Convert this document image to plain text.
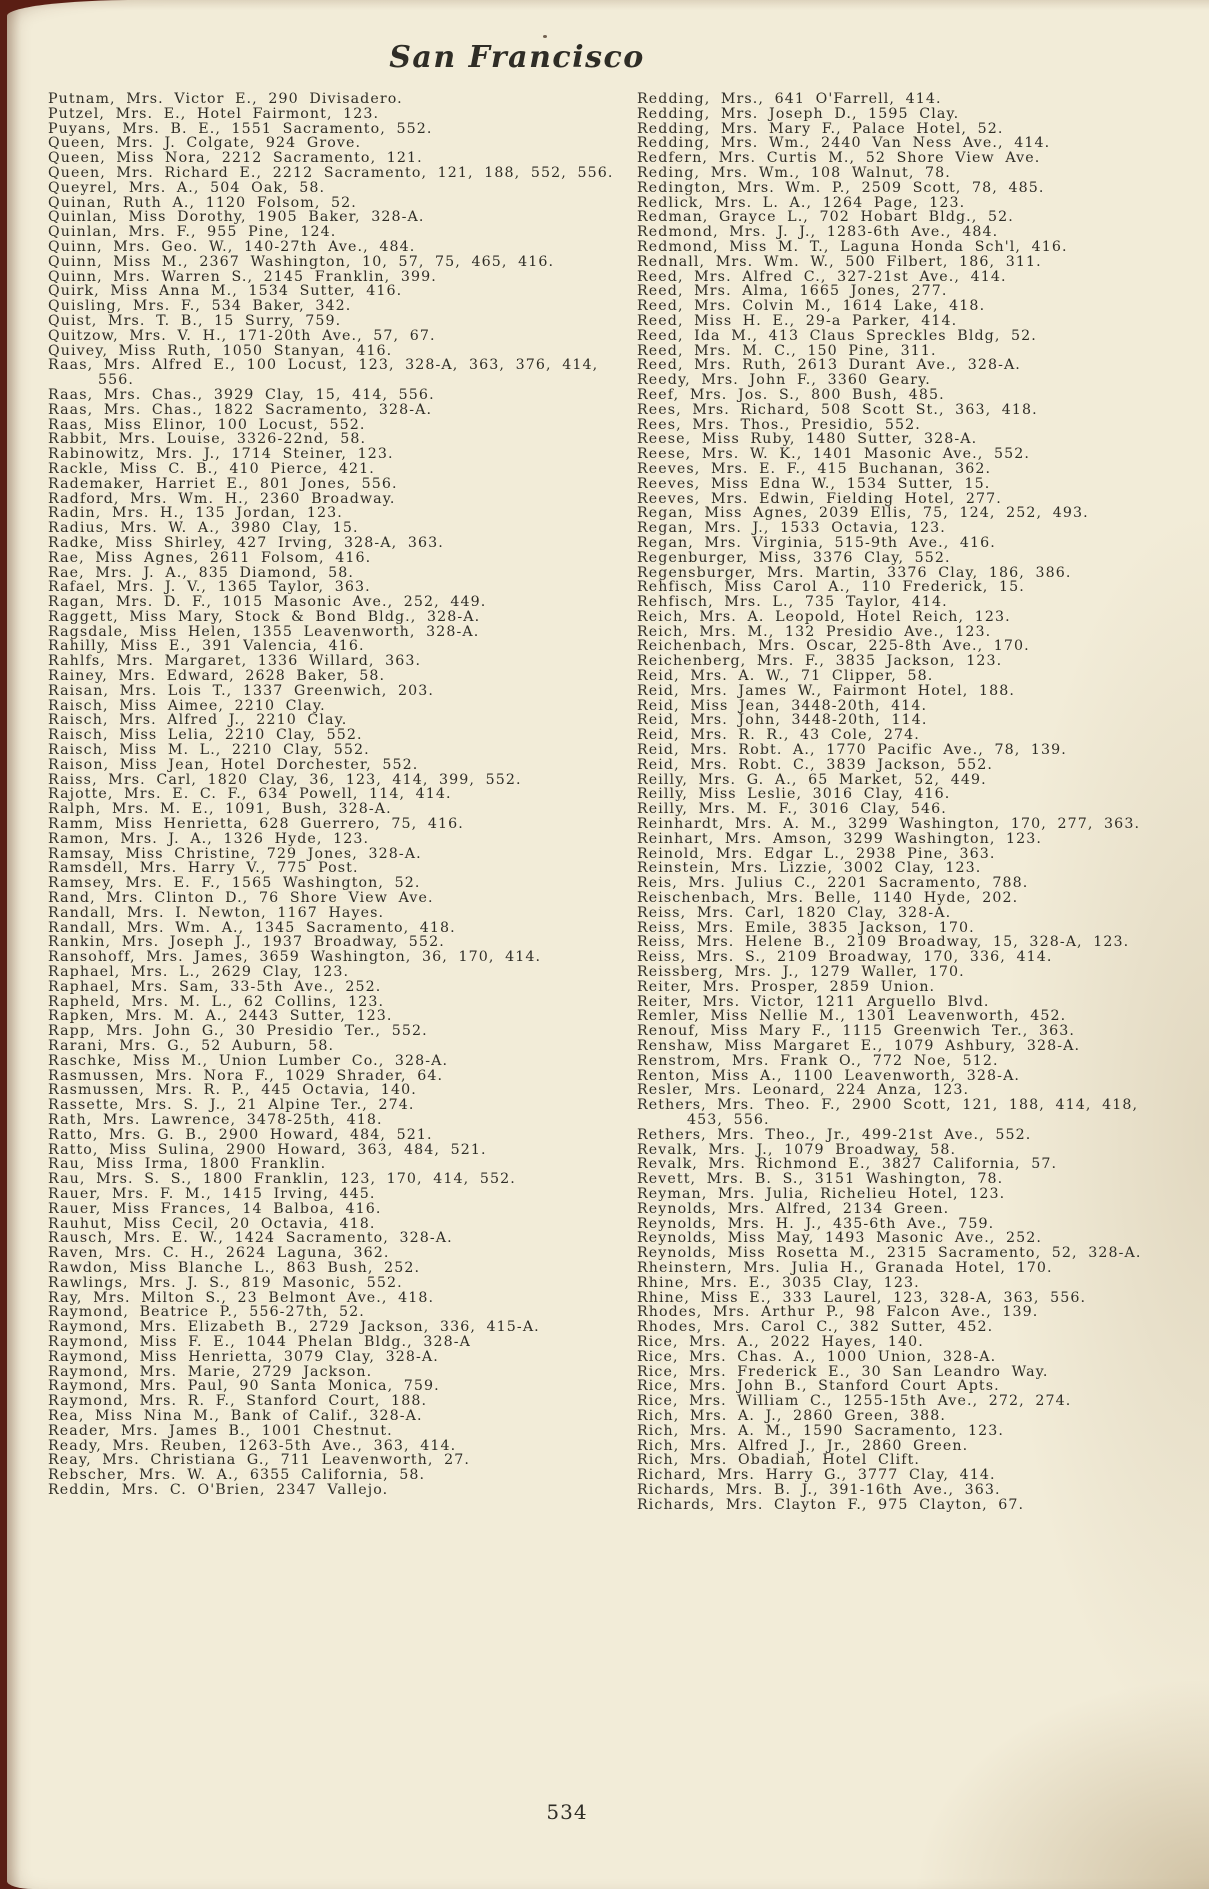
San Francisco
Putnam, Mrs. Victor E., 290 Divisadero.
Putzel, Mrs. E., Hotel Fairmont, 123.
Puyans, Mrs. B. E., 1551 Sacramento, 552.
Queen, Mrs. J. Colgate, 924 Grove.
Queen, Miss Nora, 2212 Sacramento, 121.
Queen, Mrs. Richard E., 2212 Sacramento, 121, 188, 552, 556.
Queyrel, Mrs. A., 504 Oak, 58.
Quinan, Ruth A., 1120 Folsom, 52.
Quinlan, Miss Dorothy, 1905 Baker, 328-A.
Quinlan, Mrs. F., 955 Pine, 124.
Quinn, Mrs. Geo. W., 140-27th Ave., 484.
Quinn, Miss M., 2367 Washington, 10, 57, 75, 465, 416.
Quinn, Mrs. Warren S., 2145 Franklin, 399.
Quirk, Miss Anna M., 1534 Sutter, 416.
Quisling, Mrs. F., 534 Baker, 342.
Quist, Mrs. T. B., 15 Surry, 759.
Quitzow, Mrs. V. H., 171-20th Ave., 57, 67.
Quivey, Miss Ruth, 1050 Stanyan, 416.
Raas, Mrs. Alfred E., 100 Locust, 123, 328-A, 363, 376, 414, 556.
Raas, Mrs. Chas., 3929 Clay, 15, 414, 556.
Raas, Mrs. Chas., 1822 Sacramento, 328-A.
Raas, Miss Elinor, 100 Locust, 552.
Rabbit, Mrs. Louise, 3326-22nd, 58.
Rabinowitz, Mrs. J., 1714 Steiner, 123.
Rackle, Miss C. B., 410 Pierce, 421.
Rademaker, Harriet E., 801 Jones, 556.
Radford, Mrs. Wm. H., 2360 Broadway.
Radin, Mrs. H., 135 Jordan, 123.
Radius, Mrs. W. A., 3980 Clay, 15.
Radke, Miss Shirley, 427 Irving, 328-A, 363.
Rae, Miss Agnes, 2611 Folsom, 416.
Rae, Mrs. J. A., 835 Diamond, 58.
Rafael, Mrs. J. V., 1365 Taylor, 363.
Ragan, Mrs. D. F., 1015 Masonic Ave., 252, 449.
Raggett, Miss Mary, Stock & Bond Bldg., 328-A.
Ragsdale, Miss Helen, 1355 Leavenworth, 328-A.
Rahilly, Miss E., 391 Valencia, 416.
Rahlfs, Mrs. Margaret, 1336 Willard, 363.
Rainey, Mrs. Edward, 2628 Baker, 58.
Raisan, Mrs. Lois T., 1337 Greenwich, 203.
Raisch, Miss Aimee, 2210 Clay.
Raisch, Mrs. Alfred J., 2210 Clay.
Raisch, Miss Lelia, 2210 Clay, 552.
Raisch, Miss M. L., 2210 Clay, 552.
Raison, Miss Jean, Hotel Dorchester, 552.
Raiss, Mrs. Carl, 1820 Clay, 36, 123, 414, 399, 552.
Rajotte, Mrs. E. C. F., 634 Powell, 114, 414.
Ralph, Mrs. M. E., 1091, Bush, 328-A.
Ramm, Miss Henrietta, 628 Guerrero, 75, 416.
Ramon, Mrs. J. A., 1326 Hyde, 123.
Ramsay, Miss Christine, 729 Jones, 328-A.
Ramsdell, Mrs. Harry V., 775 Post.
Ramsey, Mrs. E. F., 1565 Washington, 52.
Rand, Mrs. Clinton D., 76 Shore View Ave.
Randall, Mrs. I. Newton, 1167 Hayes.
Randall, Mrs. Wm. A., 1345 Sacramento, 418.
Rankin, Mrs. Joseph J., 1937 Broadway, 552.
Ransohoff, Mrs. James, 3659 Washington, 36, 170, 414.
Raphael, Mrs. L., 2629 Clay, 123.
Raphael, Mrs. Sam, 33-5th Ave., 252.
Rapheld, Mrs. M. L., 62 Collins, 123.
Rapken, Mrs. M. A., 2443 Sutter, 123.
Rapp, Mrs. John G., 30 Presidio Ter., 552.
Rarani, Mrs. G., 52 Auburn, 58.
Raschke, Miss M., Union Lumber Co., 328-A.
Rasmussen, Mrs. Nora F., 1029 Shrader, 64.
Rasmussen, Mrs. R. P., 445 Octavia, 140.
Rassette, Mrs. S. J., 21 Alpine Ter., 274.
Rath, Mrs. Lawrence, 3478-25th, 418.
Ratto, Mrs. G. B., 2900 Howard, 484, 521.
Ratto, Miss Sulina, 2900 Howard, 363, 484, 521.
Rau, Miss Irma, 1800 Franklin.
Rau, Mrs. S. S., 1800 Franklin, 123, 170, 414, 552.
Rauer, Mrs. F. M., 1415 Irving, 445.
Rauer, Miss Frances, 14 Balboa, 416.
Rauhut, Miss Cecil, 20 Octavia, 418.
Rausch, Mrs. E. W., 1424 Sacramento, 328-A.
Raven, Mrs. C. H., 2624 Laguna, 362.
Rawdon, Miss Blanche L., 863 Bush, 252.
Rawlings, Mrs. J. S., 819 Masonic, 552.
Ray, Mrs. Milton S., 23 Belmont Ave., 418.
Raymond, Beatrice P., 556-27th, 52.
Raymond, Mrs. Elizabeth B., 2729 Jackson, 336, 415-A.
Raymond, Miss F. E., 1044 Phelan Bldg., 328-A
Raymond, Miss Henrietta, 3079 Clay, 328-A.
Raymond, Mrs. Marie, 2729 Jackson.
Raymond, Mrs. Paul, 90 Santa Monica, 759.
Raymond, Mrs. R. F., Stanford Court, 188.
Rea, Miss Nina M., Bank of Calif., 328-A.
Reader, Mrs. James B., 1001 Chestnut.
Ready, Mrs. Reuben, 1263-5th Ave., 363, 414.
Reay, Mrs. Christiana G., 711 Leavenworth, 27.
Rebscher, Mrs. W. A., 6355 California, 58.
Reddin, Mrs. C. O'Brien, 2347 Vallejo.
Redding, Mrs., 641 O'Farrell, 414.
Redding, Mrs. Joseph D., 1595 Clay.
Redding, Mrs. Mary F., Palace Hotel, 52.
Redding, Mrs. Wm., 2440 Van Ness Ave., 414.
Redfern, Mrs. Curtis M., 52 Shore View Ave.
Reding, Mrs. Wm., 108 Walnut, 78.
Redington, Mrs. Wm. P., 2509 Scott, 78, 485.
Redlick, Mrs. L. A., 1264 Page, 123.
Redman, Grayce L., 702 Hobart Bldg., 52.
Redmond, Mrs. J. J., 1283-6th Ave., 484.
Redmond, Miss M. T., Laguna Honda Sch'l, 416.
Rednall, Mrs. Wm. W., 500 Filbert, 186, 311.
Reed, Mrs. Alfred C., 327-21st Ave., 414.
Reed, Mrs. Alma, 1665 Jones, 277.
Reed, Mrs. Colvin M., 1614 Lake, 418.
Reed, Miss H. E., 29-a Parker, 414.
Reed, Ida M., 413 Claus Spreckles Bldg, 52.
Reed, Mrs. M. C., 150 Pine, 311.
Reed, Mrs. Ruth, 2613 Durant Ave., 328-A.
Reedy, Mrs. John F., 3360 Geary.
Reef, Mrs. Jos. S., 800 Bush, 485.
Rees, Mrs. Richard, 508 Scott St., 363, 418.
Rees, Mrs. Thos., Presidio, 552.
Reese, Miss Ruby, 1480 Sutter, 328-A.
Reese, Mrs. W. K., 1401 Masonic Ave., 552.
Reeves, Mrs. E. F., 415 Buchanan, 362.
Reeves, Miss Edna W., 1534 Sutter, 15.
Reeves, Mrs. Edwin, Fielding Hotel, 277.
Regan, Miss Agnes, 2039 Ellis, 75, 124, 252, 493.
Regan, Mrs. J., 1533 Octavia, 123.
Regan, Mrs. Virginia, 515-9th Ave., 416.
Regenburger, Miss, 3376 Clay, 552.
Regensburger, Mrs. Martin, 3376 Clay, 186, 386.
Rehfisch, Miss Carol A., 110 Frederick, 15.
Rehfisch, Mrs. L., 735 Taylor, 414.
Reich, Mrs. A. Leopold, Hotel Reich, 123.
Reich, Mrs. M., 132 Presidio Ave., 123.
Reichenbach, Mrs. Oscar, 225-8th Ave., 170.
Reichenberg, Mrs. F., 3835 Jackson, 123.
Reid, Mrs. A. W., 71 Clipper, 58.
Reid, Mrs. James W., Fairmont Hotel, 188.
Reid, Miss Jean, 3448-20th, 414.
Reid, Mrs. John, 3448-20th, 114.
Reid, Mrs. R. R., 43 Cole, 274.
Reid, Mrs. Robt. A., 1770 Pacific Ave., 78, 139.
Reid, Mrs. Robt. C., 3839 Jackson, 552.
Reilly, Mrs. G. A., 65 Market, 52, 449.
Reilly, Miss Leslie, 3016 Clay, 416.
Reilly, Mrs. M. F., 3016 Clay, 546.
Reinhardt, Mrs. A. M., 3299 Washington, 170, 277, 363.
Reinhart, Mrs. Amson, 3299 Washington, 123.
Reinold, Mrs. Edgar L., 2938 Pine, 363.
Reinstein, Mrs. Lizzie, 3002 Clay, 123.
Reis, Mrs. Julius C., 2201 Sacramento, 788.
Reischenbach, Mrs. Belle, 1140 Hyde, 202.
Reiss, Mrs. Carl, 1820 Clay, 328-A.
Reiss, Mrs. Emile, 3835 Jackson, 170.
Reiss, Mrs. Helene B., 2109 Broadway, 15, 328-A, 123.
Reiss, Mrs. S., 2109 Broadway, 170, 336, 414.
Reissberg, Mrs. J., 1279 Waller, 170.
Reiter, Mrs. Prosper, 2859 Union.
Reiter, Mrs. Victor, 1211 Arguello Blvd.
Remler, Miss Nellie M., 1301 Leavenworth, 452.
Renouf, Miss Mary F., 1115 Greenwich Ter., 363.
Renshaw, Miss Margaret E., 1079 Ashbury, 328-A.
Renstrom, Mrs. Frank O., 772 Noe, 512.
Renton, Miss A., 1100 Leavenworth, 328-A.
Resler, Mrs. Leonard, 224 Anza, 123.
Rethers, Mrs. Theo. F., 2900 Scott, 121, 188, 414, 418, 453, 556.
Rethers, Mrs. Theo., Jr., 499-21st Ave., 552.
Revalk, Mrs. J., 1079 Broadway, 58.
Revalk, Mrs. Richmond E., 3827 California, 57.
Revett, Mrs. B. S., 3151 Washington, 78.
Reyman, Mrs. Julia, Richelieu Hotel, 123.
Reynolds, Mrs. Alfred, 2134 Green.
Reynolds, Mrs. H. J., 435-6th Ave., 759.
Reynolds, Miss May, 1493 Masonic Ave., 252.
Reynolds, Miss Rosetta M., 2315 Sacramento, 52, 328-A.
Rheinstern, Mrs. Julia H., Granada Hotel, 170.
Rhine, Mrs. E., 3035 Clay, 123.
Rhine, Miss E., 333 Laurel, 123, 328-A, 363, 556.
Rhodes, Mrs. Arthur P., 98 Falcon Ave., 139.
Rhodes, Mrs. Carol C., 382 Sutter, 452.
Rice, Mrs. A., 2022 Hayes, 140.
Rice, Mrs. Chas. A., 1000 Union, 328-A.
Rice, Mrs. Frederick E., 30 San Leandro Way.
Rice, Mrs. John B., Stanford Court Apts.
Rice, Mrs. William C., 1255-15th Ave., 272, 274.
Rich, Mrs. A. J., 2860 Green, 388.
Rich, Mrs. A. M., 1590 Sacramento, 123.
Rich, Mrs. Alfred J., Jr., 2860 Green.
Rich, Mrs. Obadiah, Hotel Clift.
Richard, Mrs. Harry G., 3777 Clay, 414.
Richards, Mrs. B. J., 391-16th Ave., 363.
Richards, Mrs. Clayton F., 975 Clayton, 67.
534
